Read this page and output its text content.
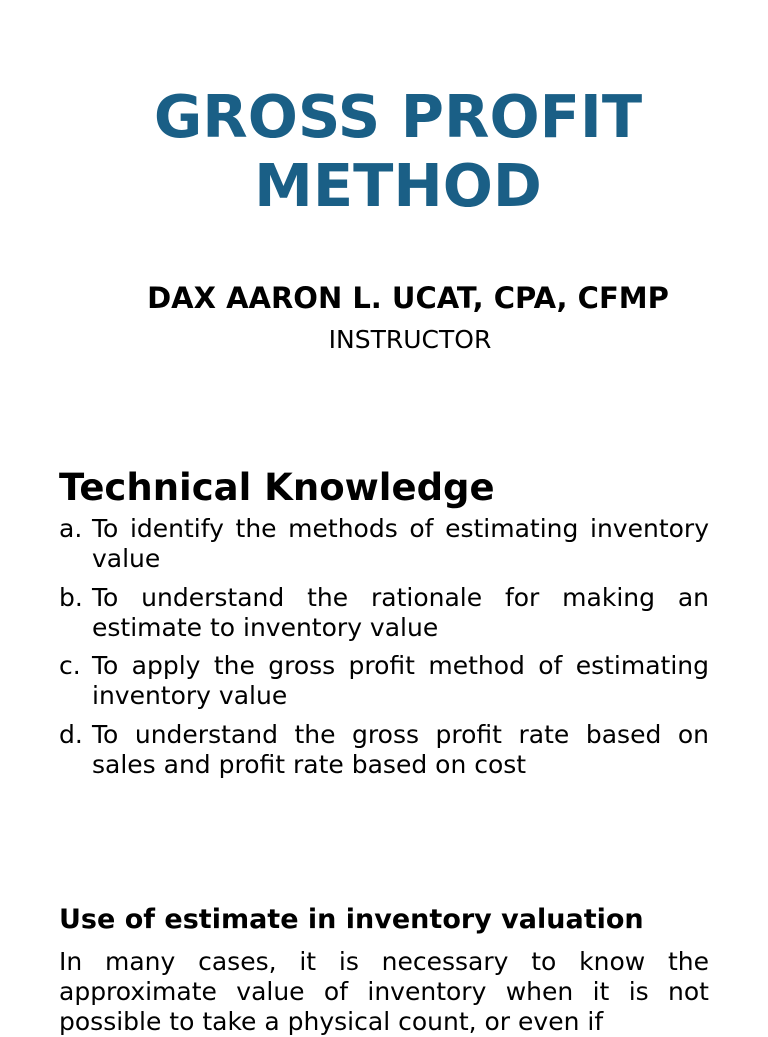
GROSS PROFIT METHOD

DAX AARON L. UCAT, CPA, CFMP

INSTRUCTOR

Technical Knowledge
a. To identify the methods of estimating inventory value
b. To understand the rationale for making an estimate to inventory value
c. To apply the gross profit method of estimating inventory value
d. To understand the gross profit rate based on sales and profit rate based on cost
Use of estimate in inventory valuation

In many cases, it is necessary to know the approximate value of inventory when it is not possible to take a physical count, or even if
